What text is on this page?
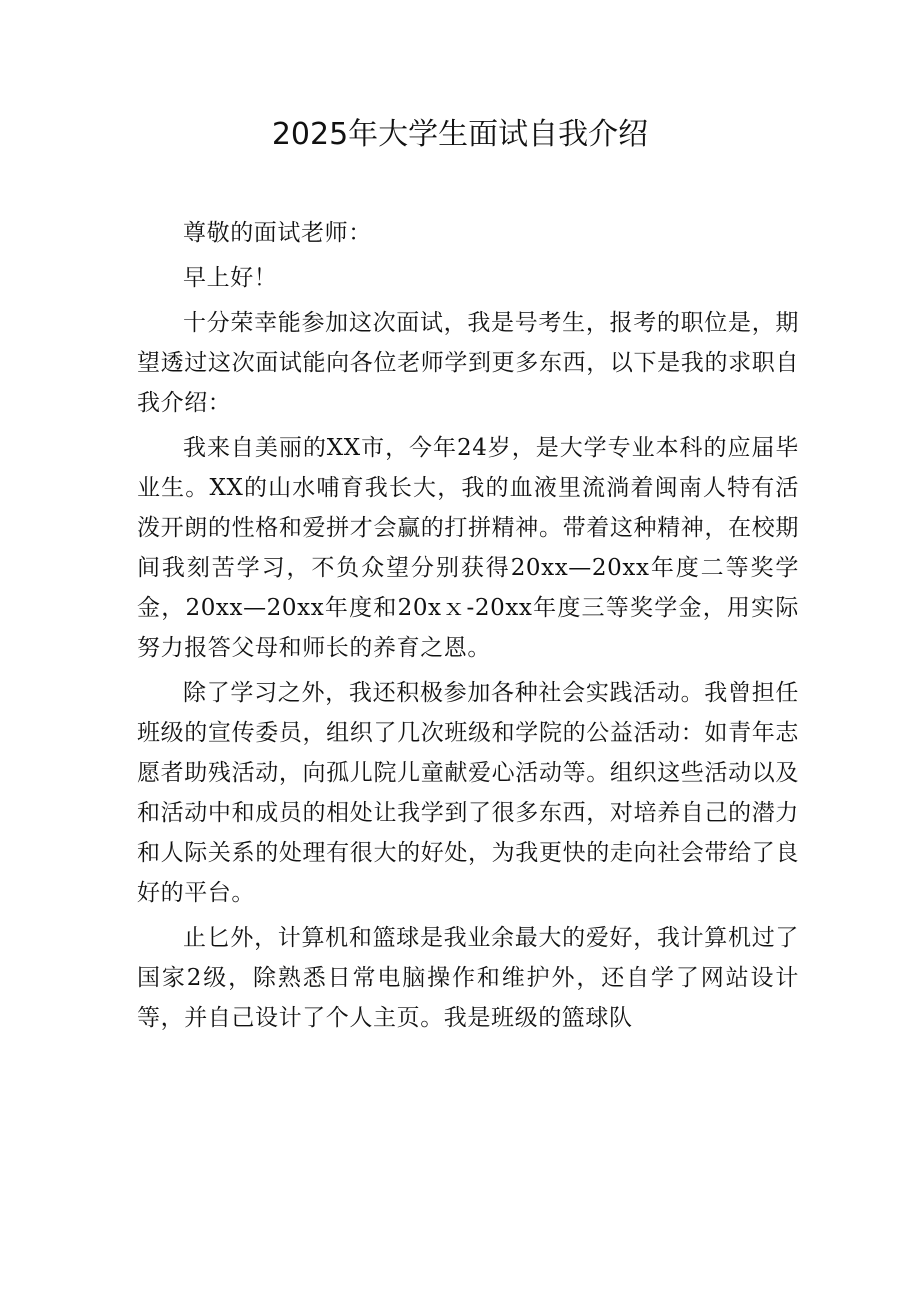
2025年大学生面试自我介绍

尊敬的面试老师：

早上好！

十分荣幸能参加这次面试，我是号考生，报考的职位是，期望透过这次面试能向各位老师学到更多东西，以下是我的求职自我介绍：

我来自美丽的XX市，今年24岁，是大学专业本科的应届毕业生。XX的山水哺育我长大，我的血液里流淌着闽南人特有活泼开朗的性格和爱拼才会赢的打拼精神。带着这种精神，在校期间我刻苦学习，不负众望分别获得20xx—20xx年度二等奖学金，20xx—20xx年度和20xｘ-20xx年度三等奖学金，用实际努力报答父母和师长的养育之恩。

除了学习之外，我还积极参加各种社会实践活动。我曾担任班级的宣传委员，组织了几次班级和学院的公益活动：如青年志愿者助残活动，向孤儿院儿童献爱心活动等。组织这些活动以及和活动中和成员的相处让我学到了很多东西，对培养自己的潜力和人际关系的处理有很大的好处，为我更快的走向社会带给了良好的平台。

止匕外，计算机和篮球是我业余最大的爱好，我计算机过了国家2级，除熟悉日常电脑操作和维护外，还自学了网站设计等，并自己设计了个人主页。我是班级的篮球队
